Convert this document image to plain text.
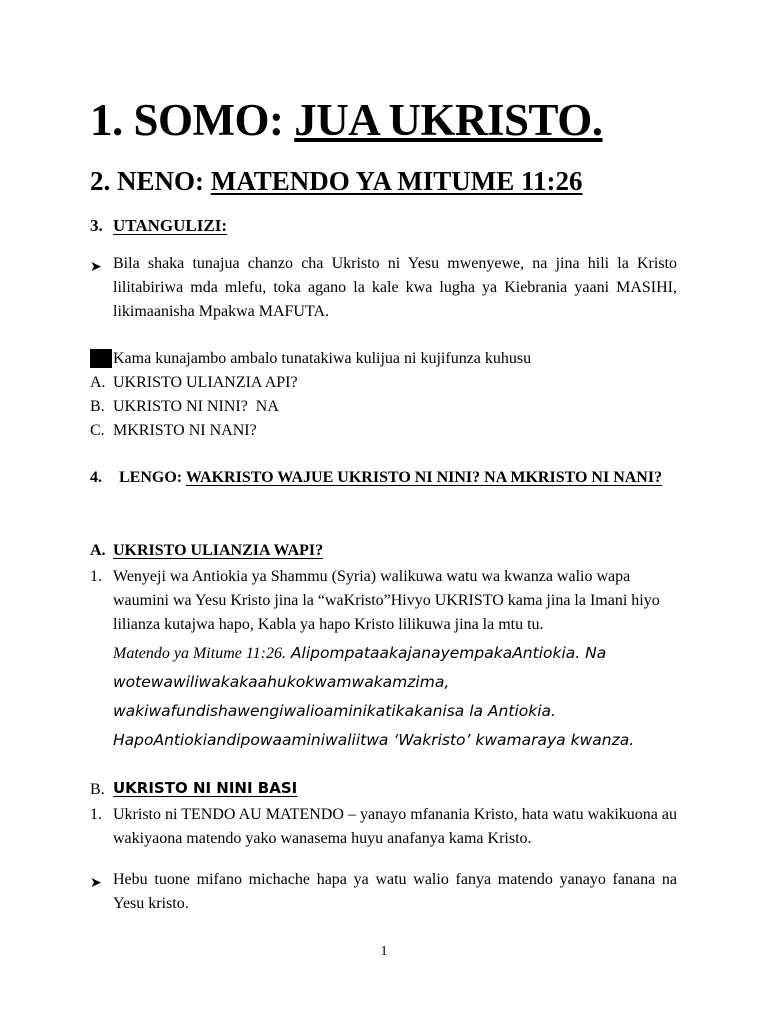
1. SOMO: JUA UKRISTO.
2. NENO: MATENDO YA MITUME 11:26
3. UTANGULIZI:
➤ Bila shaka tunajua chanzo cha Ukristo ni Yesu mwenyewe, na jina hili la Kristo lilitabiriwa mda mlefu, toka agano la kale kwa lugha ya Kiebrania yaani MASIHI, likimaanisha Mpakwa MAFUTA.
Kama kunajambo ambalo tunatakiwa kulijua ni kujifunza kuhusu
A. UKRISTO ULIANZIA API?
B. UKRISTO NI NINI?  NA
C. MKRISTO NI NANI?
4.	LENGO: WAKRISTO WAJUE UKRISTO NI NINI? NA MKRISTO NI NANI?
A. UKRISTO ULIANZIA WAPI?
1. Wenyeji wa Antiokia ya Shammu (Syria) walikuwa watu wa kwanza walio wapa waumini wa Yesu Kristo jina la “waKristo”Hivyo UKRISTO kama jina la Imani hiyo lilianza kutajwa hapo, Kabla ya hapo Kristo lilikuwa jina la mtu tu.
Matendo ya Mitume 11:26. AlipompataakajanayempakaAntiokia. Na
wotewawiliwakakaahukokwamwakamzima,
wakiwafundishawengiwalioaminikatikakanisa la Antiokia.
HapoAntiokiandipowaaminiwaliitwa ‘Wakristo’ kwamaraya kwanza.
B. UKRISTO NI NINI BASI
1. Ukristo ni TENDO AU MATENDO – yanayo mfanania Kristo, hata watu wakikuona au wakiyaona matendo yako wanasema huyu anafanya kama Kristo.
➤ Hebu tuone mifano michache hapa ya watu walio fanya matendo yanayo fanana na Yesu kristo.
1
